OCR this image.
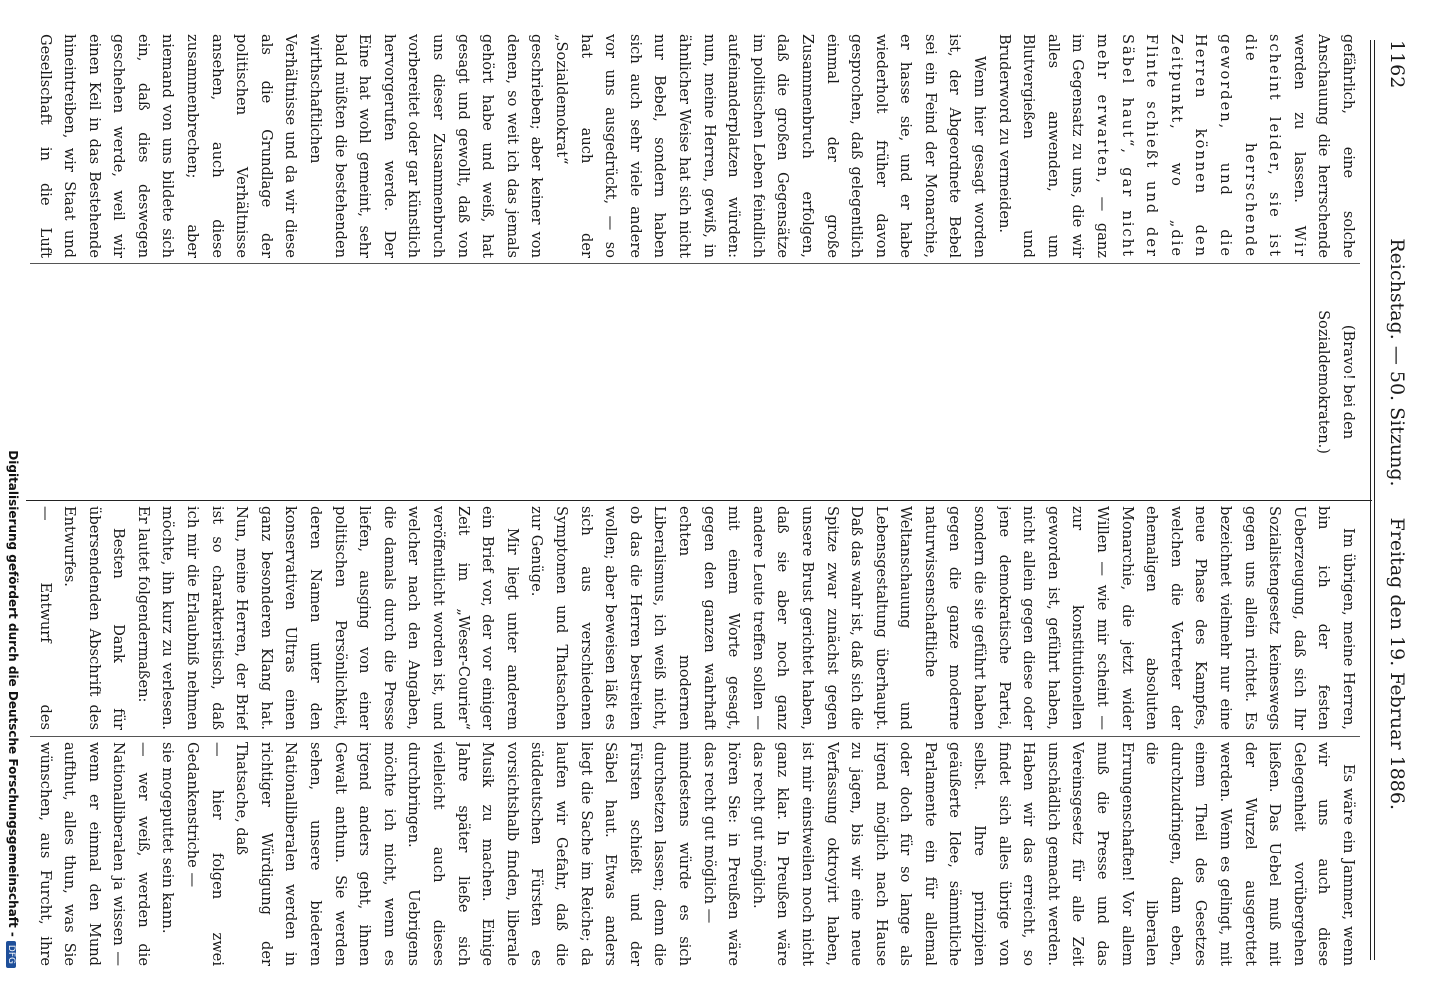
1162
Reichstag. — 50. Sitzung.
Freitag den 19. Februar 1886.

gefährlich, eine solche Anschauung die herrschende werden zu lassen. Wir scheint leider, sie ist die herrschende geworden, und die Herren können den Zeitpunkt, wo „die Flinte schießt und der Säbel haut“, gar nicht mehr erwarten, — ganz im Gegensatz zu uns, die wir alles anwenden, um Blutvergießen und Bruderword zu vermeiden.

Wenn hier gesagt worden ist, der Abgeordnete Bebel sei ein Feind der Monarchie, er hasse sie, und er habe wiederholt früher davon gesprochen, daß gelegentlich einmal der große Zusammenbruch erfolgen, daß die großen Gegensätze im politischen Leben feindlich aufeinanderplatzen würden: nun, meine Herren, gewiß, in ähnlicher Weise hat sich nicht nur Bebel, sondern haben sich auch sehr viele andere vor uns ausgedrückt, — so hat auch der „Sozialdemokrat“ geschrieben; aber keiner von denen, so weit ich das jemals gehört habe und weiß, hat gesagt und gewollt, daß von uns dieser Zusammenbruch vorbereitet oder gar künstlich hervorgerufen werde. Der Eine hat wohl gemeint, sehr bald müßten die bestehenden wirthschaftlichen Verhältnisse und da wir diese als die Grundlage der politischen Verhältnisse ansehen, auch diese zusammenbrechen; aber niemand von uns bildete sich ein, daß dies deswegen geschehen werde, weil wir einen Keil in das Bestehende hineintreiben, wir Staat und Gesellschaft in die Luft

(Bravo! bei den Sozialdemokraten.)

Im übrigen, meine Herren, bin ich der festen Ueberzeugung, daß sich Ihr Sozialistengesetz keineswegs gegen uns allein richtet. Es bezeichnet vielmehr nur eine neue Phase des Kampfes, welchen die Vertreter der ehemaligen absoluten Monarchie, die jetzt wider Willen — wie mir scheint — zur konstitutionellen geworden ist, geführt haben, nicht allein gegen diese oder jene demokratische Partei, sondern die sie geführt haben gegen die ganze moderne naturwissenschaftliche Weltanschauung und Lebensgestaltung überhaupt. Daß das wahr ist, daß sich die Spitze zwar zunächst gegen unsere Brust gerichtet haben, daß sie aber noch ganz andere Leute treffen sollen — mit einem Worte gesagt, gegen den ganzen wahrhaft echten modernen Liberalismus, ich weiß nicht, ob das die Herren bestreiten wollen; aber beweisen läßt es sich aus verschiedenen Symptomen und Thatsachen zur Genüge.

Mir liegt unter anderem ein Brief vor, der vor einiger Zeit im „Weser-Courier“ veröffentlicht worden ist, und welcher nach den Angaben, die damals durch die Presse liefen, ausging von einer politischen Persönlichkeit, deren Namen unter den konservativen Ultras einen ganz besonderen Klang hat. Nun, meine Herren, der Brief ist so charakteristisch, daß ich mir die Erlaubniß nehmen möchte, ihn kurz zu verlesen. Er lautet folgendermaßen:

Besten Dank für übersendenden Abschrift des Entwurfes.

— Entwurf des

Es wäre ein Jammer, wenn wir uns auch diese Gelegenheit vorübergehen ließen. Das Uebel muß mit der Wurzel ausgerottet werden. Wenn es gelingt, mit einem Theil des Gesetzes durchzudringen, dann eben, die liberalen Errungenschaften! Vor allem muß die Presse und das Vereinsgesetz für alle Zeit unschädlich gemacht werden. Haben wir das erreicht, so findet sich alles übrige von selbst. Ihre prinzipien geäußerte Idee, sämmtliche Parlamente ein für allemal oder doch für so lange als irgend möglich nach Hause zu jagen, bis wir eine neue Verfassung oktroyirt haben, ist mir einstweilen noch nicht ganz klar. In Preußen wäre das recht gut möglich.

hören Sie: in Preußen wäre das recht gut möglich —

mindestens würde es sich durchsetzen lassen; denn die Fürsten schießt und der Säbel haut. Etwas anders liegt die Sache im Reiche; da laufen wir Gefahr, daß die süddeutschen Fürsten es vorsichtshalb finden, liberale Musik zu machen. Einige Jahre später ließe sich vielleicht auch dieses durchbringen. Uebrigens möchte ich nicht, wenn es irgend anders geht, ihnen Gewalt anthun. Sie werden sehen, unsere biederen Nationalliberalen werden in richtiger Würdigung der Thatsache, daß

— hier folgen zwei Gedankenstriche —

sie mogeputtet sein kann.

— wer weiß, werden die Nationalliberalen ja wissen — wenn er einmal den Mund aufthut, alles thun, was Sie wünschen, aus Furcht, ihre

Digitalisierung gefördert durch die Deutsche Forschungsgemeinschaft -DFG
